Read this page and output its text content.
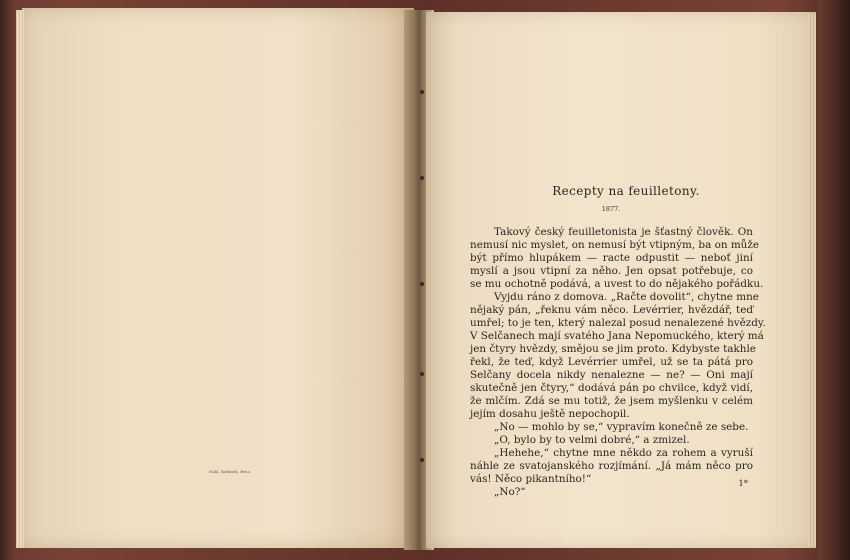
Nakl. Rubínek, Brno.
Recepty na feuilletony.
1877.
Takový český feuilletonista je šťastný člověk. On
nemusí nic myslet, on nemusí být vtipným, ba on může
být přímo hlupákem — racte odpustit — neboť jiní
myslí a jsou vtipní za něho. Jen opsat potřebuje, co
se mu ochotně podává, a uvest to do nějakého pořádku.
Vyjdu ráno z domova. „Račte dovolit“, chytne mne
nějaký pán, „řeknu vám něco. Levérrier, hvězdář, teď
umřel; to je ten, který nalezal posud nenalezené hvězdy.
V Selčanech mají svatého Jana Nepomuckého, který má
jen čtyry hvězdy, smějou se jim proto. Kdybyste takhle
řekl, že teď, když Levérrier umřel, už se ta pátá pro
Selčany docela nikdy nenalezne — ne? — Oni mají
skutečně jen čtyry,“ dodává pán po chvilce, když vidí,
že mlčím. Zdá se mu totiž, že jsem myšlenku v celém
jejím dosahu ještě nepochopil.
„No — mohlo by se,“ vypravím konečně ze sebe.
„O, bylo by to velmi dobré,“ a zmizel.
„Hehehe,“ chytne mne někdo za rohem a vyruší
náhle ze svatojanského rozjímání. „Já mám něco pro
vás! Něco pikantního!“
„No?“
1*
